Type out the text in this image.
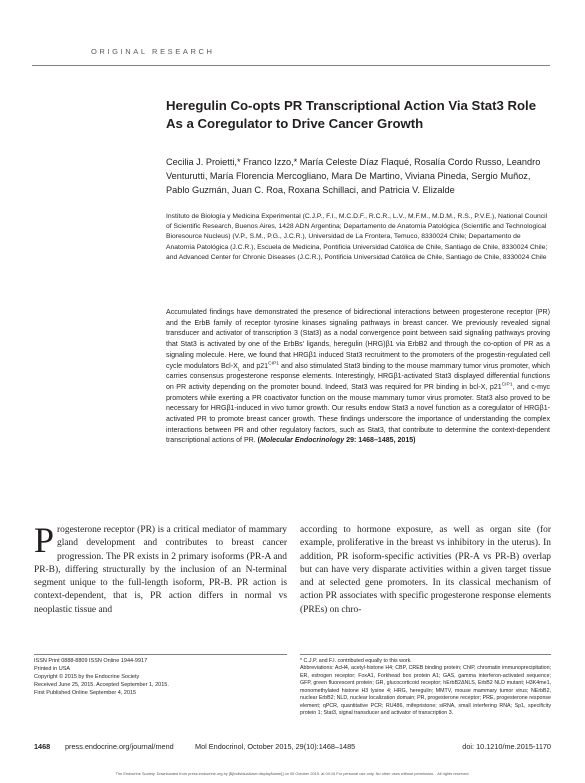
ORIGINAL RESEARCH
Heregulin Co-opts PR Transcriptional Action Via Stat3 Role As a Coregulator to Drive Cancer Growth

Cecilia J. Proietti,* Franco Izzo,* María Celeste Díaz Flaqué, Rosalía Cordo Russo, Leandro Venturutti, María Florencia Mercogliano, Mara De Martino, Viviana Pineda, Sergio Muñoz, Pablo Guzmán, Juan C. Roa, Roxana Schillaci, and Patricia V. Elizalde

Instituto de Biología y Medicina Experimental (C.J.P., F.I., M.C.D.F., R.C.R., L.V., M.F.M., M.D.M., R.S., P.V.E.), National Council of Scientific Research, Buenos Aires, 1428 ADN Argentina; Departamento de Anatomía Patológica (Scientific and Technological Bioresource Nucleus) (V.P., S.M., P.G., J.C.R.), Universidad de La Frontera, Temuco, 8330024 Chile; Departamento de Anatomía Patológica (J.C.R.), Escuela de Medicina, Pontificia Universidad Católica de Chile, Santiago de Chile, 8330024 Chile; and Advanced Center for Chronic Diseases (J.C.R.), Pontificia Universidad Católica de Chile, Santiago de Chile, 8330024 Chile

Accumulated findings have demonstrated the presence of bidirectional interactions between progesterone receptor (PR) and the ErbB family of receptor tyrosine kinases signaling pathways in breast cancer. We previously revealed signal transducer and activator of transcription 3 (Stat3) as a nodal convergence point between said signaling pathways proving that Stat3 is activated by one of the ErbBs' ligands, heregulin (HRG)β1 via ErbB2 and through the co-option of PR as a signaling molecule. Here, we found that HRGβ1 induced Stat3 recruitment to the promoters of the progestin-regulated cell cycle modulators Bcl-$X_L$ and $p21^{CIP1}$ and also stimulated Stat3 binding to the mouse mammary tumor virus promoter, which carries consensus progesterone response elements. Interestingly, HRGβ1-activated Stat3 displayed differential functions on PR activity depending on the promoter bound. Indeed, Stat3 was required for PR binding in bcl-X, $p21^{CIP1}$, and c-myc promoters while exerting a PR coactivator function on the mouse mammary tumor virus promoter. Stat3 also proved to be necessary for HRGβ1-induced in vivo tumor growth. Our results endow Stat3 a novel function as a coregulator of HRGβ1-activated PR to promote breast cancer growth. These findings underscore the importance of understanding the complex interactions between PR and other regulatory factors, such as Stat3, that contribute to determine the context-dependent transcriptional actions of PR. (Molecular Endocrinology 29: 1468–1485, 2015)

Progesterone receptor (PR) is a critical mediator of mammary gland development and contributes to breast cancer progression. The PR exists in 2 primary isoforms (PR-A and PR-B), differing structurally by the inclusion of an N-terminal segment unique to the full-length isoform, PR-B. PR action is context-dependent, that is, PR action differs in normal vs neoplastic tissue and

according to hormone exposure, as well as organ site (for example, proliferative in the breast vs inhibitory in the uterus). In addition, PR isoform-specific activities (PR-A vs PR-B) overlap but can have very disparate activities within a given target tissue and at selected gene promoters. In its classical mechanism of action PR associates with specific progesterone response elements (PREs) on chro-

ISSN Print 0888-8809 ISSN Online 1944-9917
Printed in USA
Copyright © 2015 by the Endocrine Society
Received June 25, 2015. Accepted September 1, 2015.
First Published Online September 4, 2015

* C.J.P. and F.I. contributed equally to this work.

Abbreviations: AcH4, acetyl-histone H4; CBP, CREB binding protein; ChIP, chromatin immunoprecipitation; ER, estrogen receptor; FoxA1, Forkhead box protein A1; GAS, gamma interferon-activated sequence; GFP, green fluorescent protein; GR, glucocorticoid receptor; hErbB2ΔNLS, ErbB2 NLD mutant; H3K4me1, monomethylated histone H3 lysine 4; HRG, heregulin; MMTV, mouse mammary tumor virus; NErbB2, nuclear ErbB2; NLD, nuclear localization domain; PR, progesterone receptor; PRE, progesterone response element; qPCR, quantitative PCR; RU486, mifepristone; siRNA, small interfering RNA; Sp1, specificity protein 1; Stat3, signal transducer and activator of transcription 3.

1468 press.endocrine.org/journal/mend	Mol Endocrinol, October 2015, 29(10):1468–1485	doi: 10.1210/me.2015-1170
The Endocrine Society. Downloaded from press.endocrine.org by [${individualUser.displayName}] on 05 October 2015. at 04:15 For personal use only. No other uses without permission. . All rights reserved.
